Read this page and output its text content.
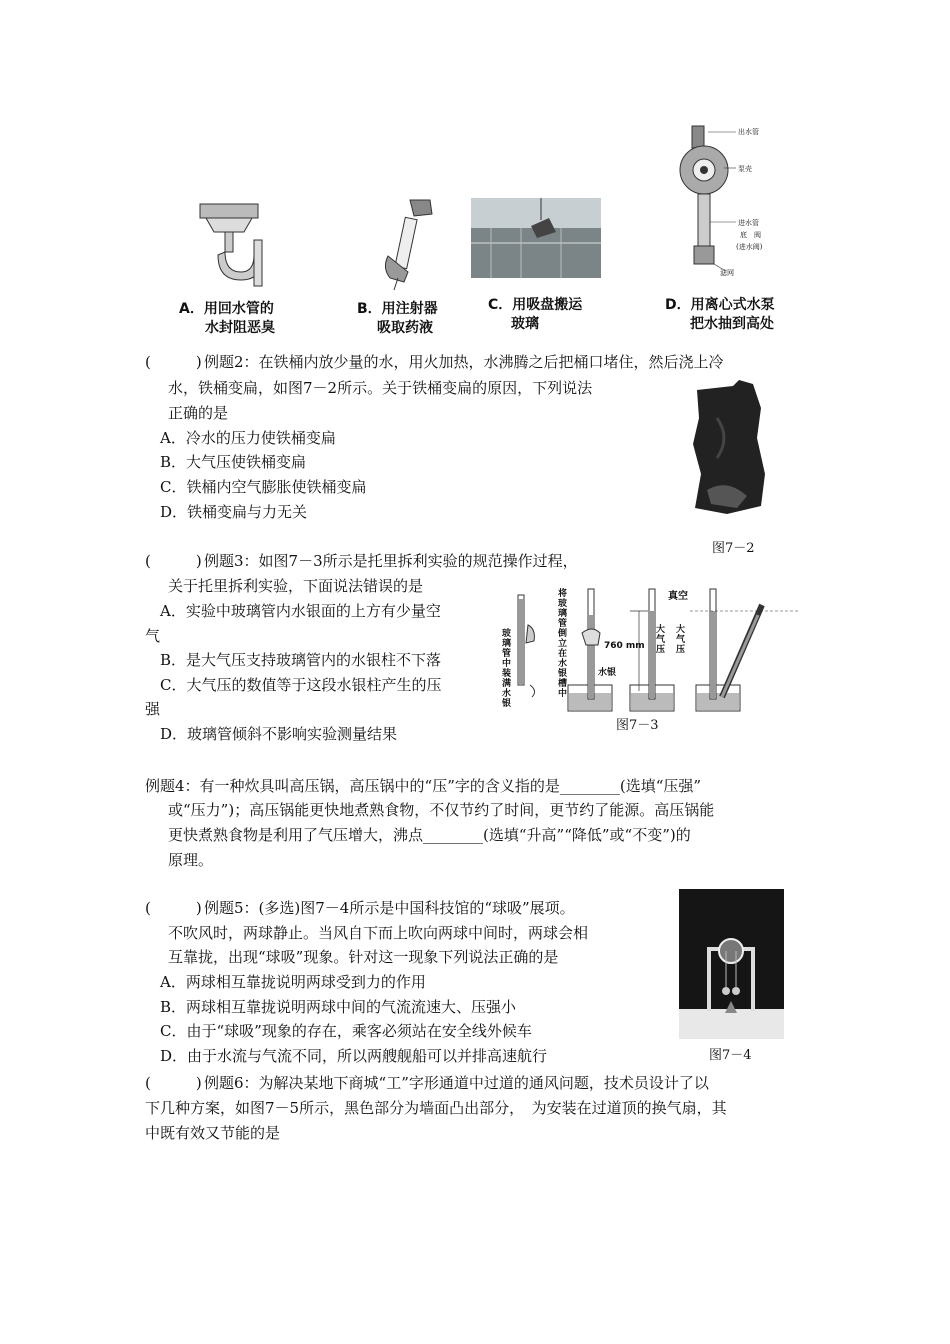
出水管
泵壳
进水管
底　阀
(进水阀)
滤网
A．用回水管的
水封阻恶臭
B．用注射器
吸取药液
C．用吸盘搬运
玻璃
D．用离心式水泵
把水抽到高处
(　　　) 例题2：在铁桶内放少量的水，用火加热，水沸腾之后把桶口堵住，然后浇上冷
水，铁桶变扁，如图7－2所示。关于铁桶变扁的原因，下列说法
正确的是
A．冷水的压力使铁桶变扁
B．大气压使铁桶变扁
C．铁桶内空气膨胀使铁桶变扁
D．铁桶变扁与力无关
图7－2
(　　　) 例题3：如图7－3所示是托里拆利实验的规范操作过程，
关于托里拆利实验，下面说法错误的是
A．实验中玻璃管内水银面的上方有少量空
气
B．是大气压支持玻璃管内的水银柱不下落
C．大气压的数值等于这段水银柱产生的压
强
D．玻璃管倾斜不影响实验测量结果
玻璃管中装满水银
将玻璃管倒立在水银槽中
真空
760 mm
大气压
大气压
水银
图7－3
例题4：有一种炊具叫高压锅，高压锅中的“压”字的含义指的是________(选填“压强”
或“压力”)；高压锅能更快地煮熟食物，不仅节约了时间，更节约了能源。高压锅能
更快煮熟食物是利用了气压增大，沸点________(选填“升高”“降低”或“不变”)的
原理。
(　　　) 例题5：(多选)图7－4所示是中国科技馆的“球吸”展项。
不吹风时，两球静止。当风自下而上吹向两球中间时，两球会相
互靠拢，出现“球吸”现象。针对这一现象下列说法正确的是
A．两球相互靠拢说明两球受到力的作用
B．两球相互靠拢说明两球中间的气流流速大、压强小
C．由于“球吸”现象的存在，乘客必须站在安全线外候车
D．由于水流与气流不同，所以两艘舰船可以并排高速航行	图7－4
(　　　) 例题6：为解决某地下商城“工”字形通道中过道的通风问题，技术员设计了以
下几种方案，如图7－5所示，黑色部分为墙面凸出部分，　为安装在过道顶的换气扇，其
中既有效又节能的是
